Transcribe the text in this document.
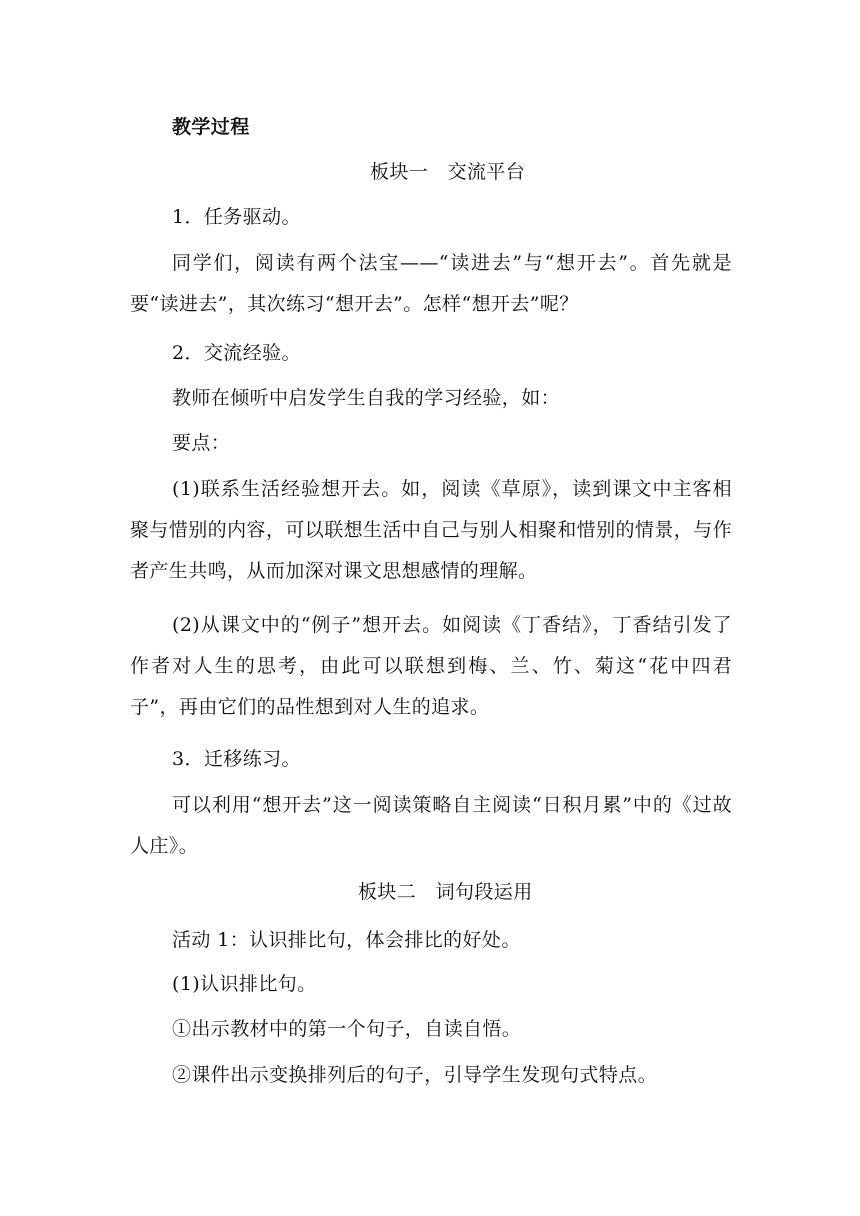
教学过程
板块一　交流平台
1．任务驱动。
同学们，阅读有两个法宝——“读进去”与“想开去”。首先就是要“读进去”，其次练习“想开去”。怎样“想开去”呢？
2．交流经验。
教师在倾听中启发学生自我的学习经验，如：
要点：
(1)联系生活经验想开去。如，阅读《草原》，读到课文中主客相聚与惜别的内容，可以联想生活中自己与别人相聚和惜别的情景，与作者产生共鸣，从而加深对课文思想感情的理解。
(2)从课文中的“例子”想开去。如阅读《丁香结》，丁香结引发了作者对人生的思考，由此可以联想到梅、兰、竹、菊这“花中四君子”，再由它们的品性想到对人生的追求。
3．迁移练习。
可以利用“想开去”这一阅读策略自主阅读“日积月累”中的《过故人庄》。
板块二　词句段运用
活动 1：认识排比句，体会排比的好处。
(1)认识排比句。
①出示教材中的第一个句子，自读自悟。
②课件出示变换排列后的句子，引导学生发现句式特点。
